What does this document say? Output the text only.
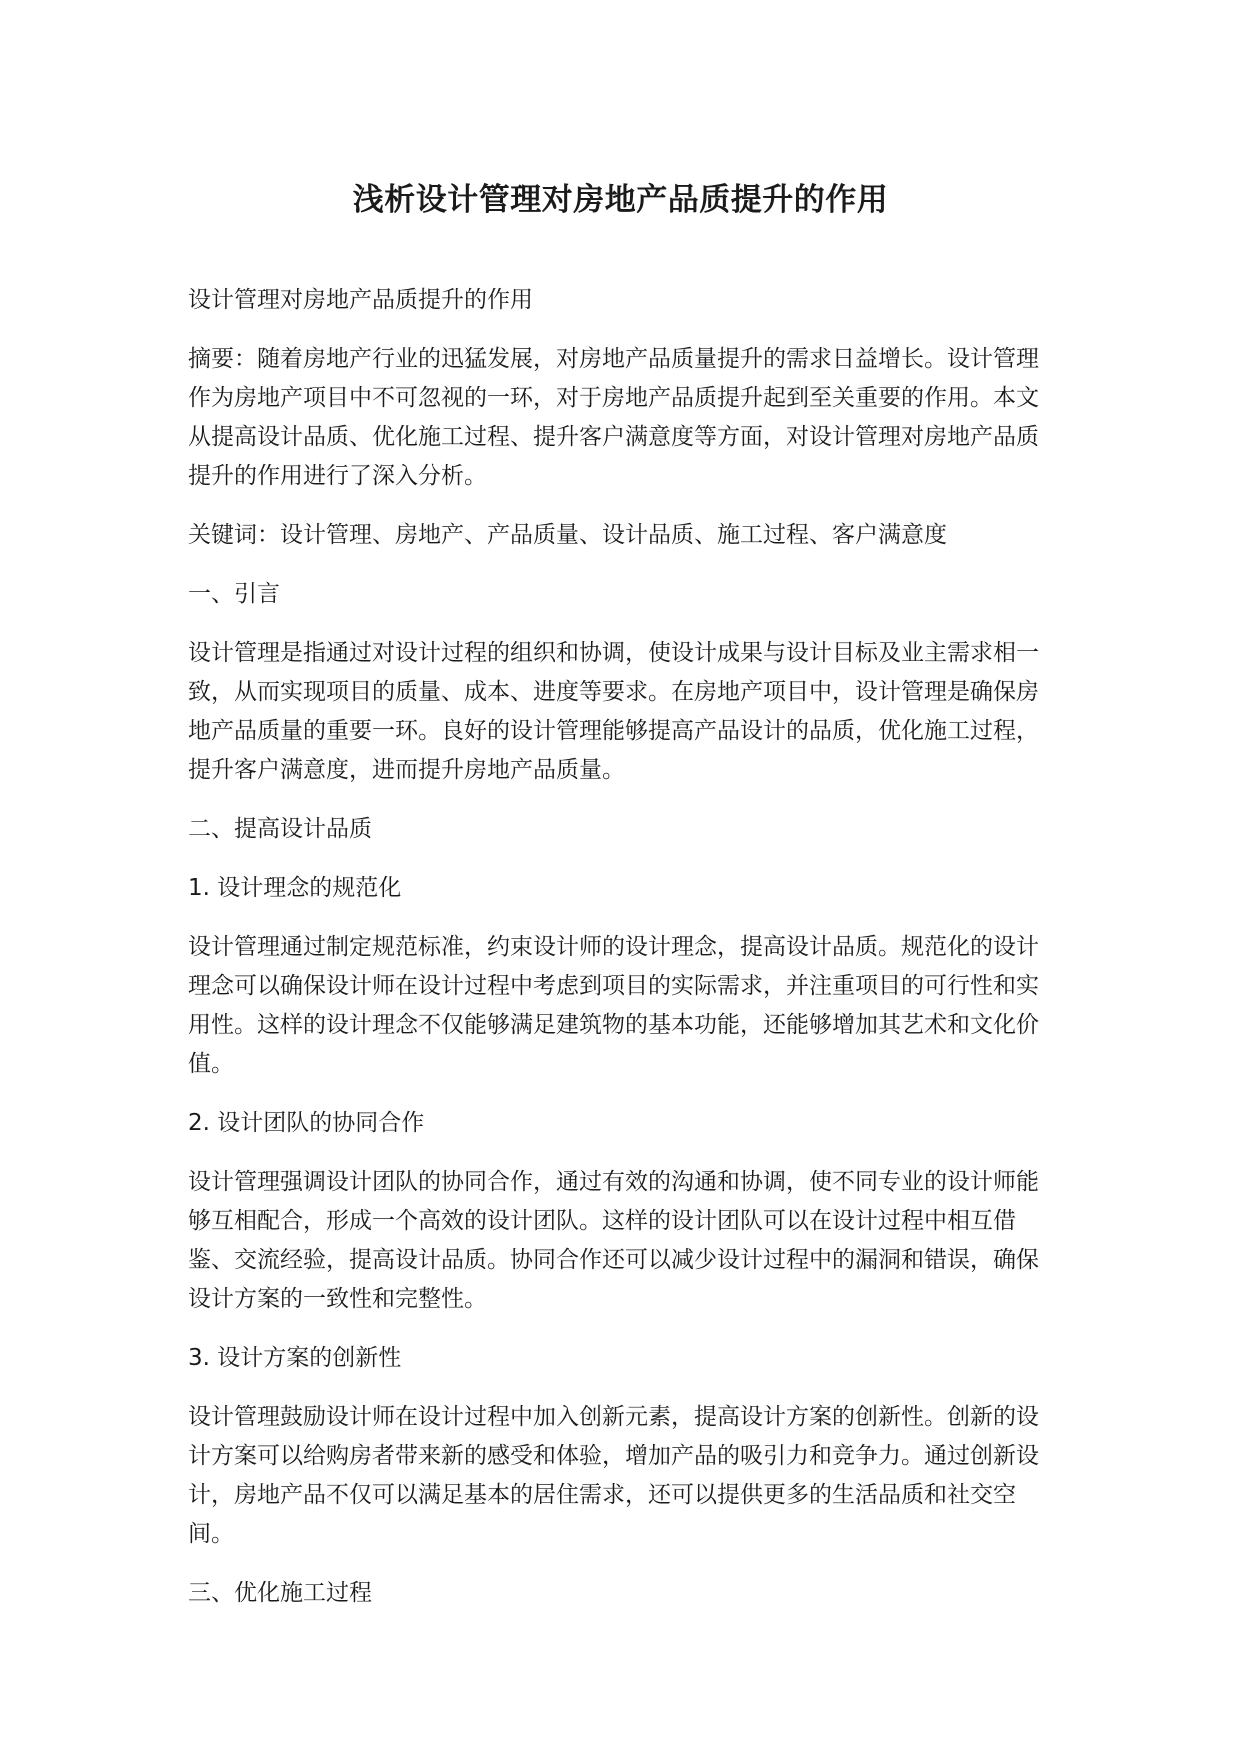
浅析设计管理对房地产品质提升的作用

设计管理对房地产品质提升的作用

摘要：随着房地产行业的迅猛发展，对房地产品质量提升的需求日益增长。设计管理作为房地产项目中不可忽视的一环，对于房地产品质提升起到至关重要的作用。本文从提高设计品质、优化施工过程、提升客户满意度等方面，对设计管理对房地产品质提升的作用进行了深入分析。

关键词：设计管理、房地产、产品质量、设计品质、施工过程、客户满意度

一、引言

设计管理是指通过对设计过程的组织和协调，使设计成果与设计目标及业主需求相一致，从而实现项目的质量、成本、进度等要求。在房地产项目中，设计管理是确保房地产品质量的重要一环。良好的设计管理能够提高产品设计的品质，优化施工过程，提升客户满意度，进而提升房地产品质量。

二、提高设计品质

1. 设计理念的规范化

设计管理通过制定规范标准，约束设计师的设计理念，提高设计品质。规范化的设计理念可以确保设计师在设计过程中考虑到项目的实际需求，并注重项目的可行性和实用性。这样的设计理念不仅能够满足建筑物的基本功能，还能够增加其艺术和文化价值。

2. 设计团队的协同合作

设计管理强调设计团队的协同合作，通过有效的沟通和协调，使不同专业的设计师能够互相配合，形成一个高效的设计团队。这样的设计团队可以在设计过程中相互借鉴、交流经验，提高设计品质。协同合作还可以减少设计过程中的漏洞和错误，确保设计方案的一致性和完整性。

3. 设计方案的创新性

设计管理鼓励设计师在设计过程中加入创新元素，提高设计方案的创新性。创新的设计方案可以给购房者带来新的感受和体验，增加产品的吸引力和竞争力。通过创新设计，房地产品不仅可以满足基本的居住需求，还可以提供更多的生活品质和社交空间。

三、优化施工过程
